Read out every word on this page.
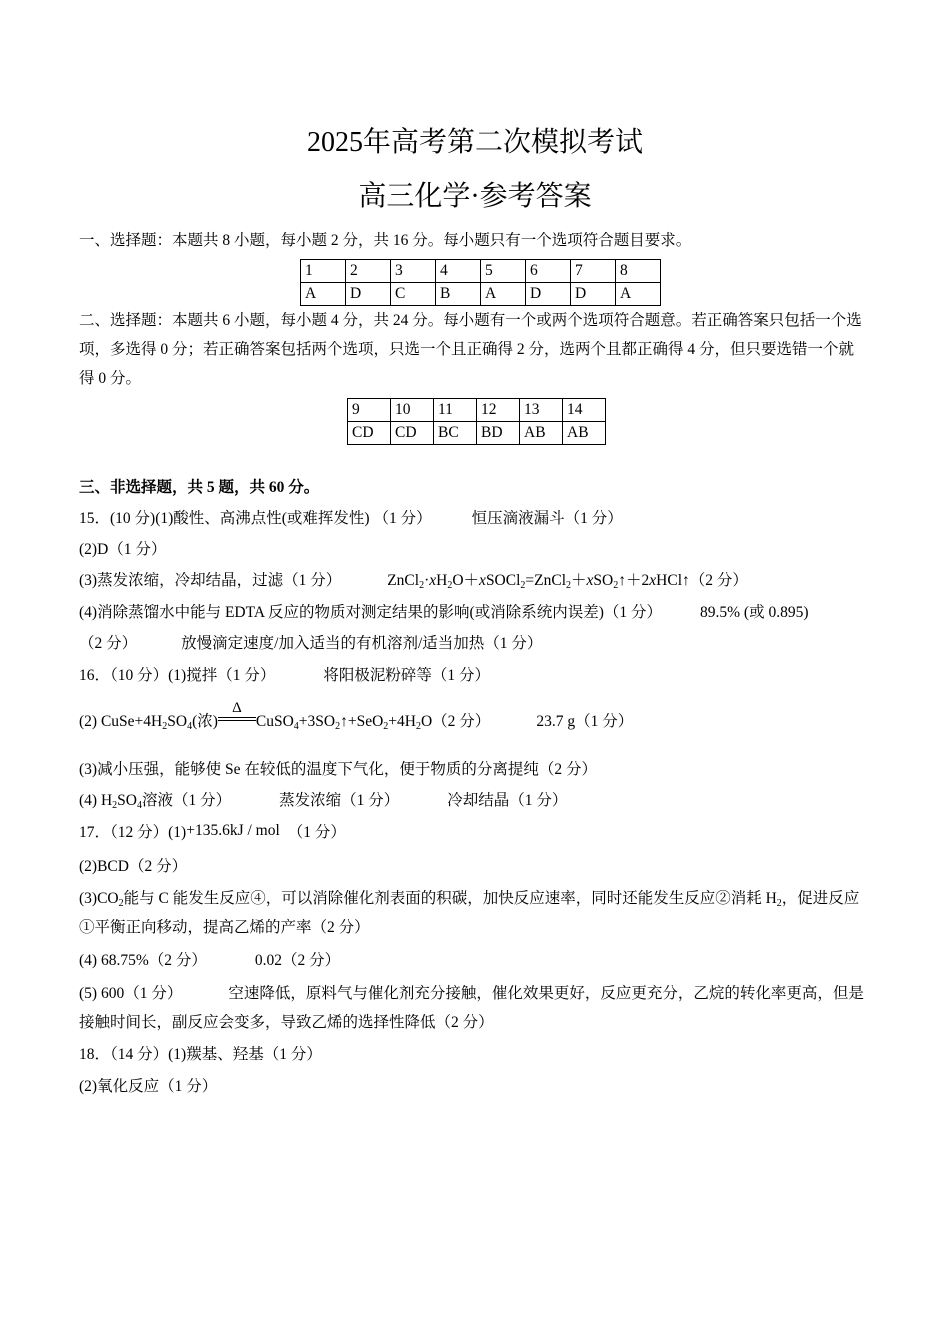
2025年高考第二次模拟考试
高三化学·参考答案
一、选择题：本题共 8 小题，每小题 2 分，共 16 分。每小题只有一个选项符合题目要求。
1	2	3	4	5	6	7	8
A	D	C	B	A	D	D	A
二、选择题：本题共 6 小题，每小题 4 分，共 24 分。每小题有一个或两个选项符合题意。若正确答案只包括一个选项，多选得 0 分；若正确答案包括两个选项，只选一个且正确得 2 分，选两个且都正确得 4 分，但只要选错一个就得 0 分。
9	10	11	12	13	14
CD	CD	BC	BD	AB	AB
三、非选择题，共 5 题，共 60 分。
15．(10 分)(1)酸性、高沸点性(或难挥发性) （1 分）	恒压滴液漏斗（1 分）
(2)D（1 分）
(3)蒸发浓缩，冷却结晶，过滤（1 分）	$ZnCl_2\cdot xH_2O+xSOCl_2=ZnCl_2+xSO_2↑+2xHCl↑(2$ 分）
(4)消除蒸馏水中能与 EDTA 反应的物质对测定结果的影响(或消除系统内误差)（1 分） 89.5% (或 0.895)
（2 分）	放慢滴定速度/加入适当的有机溶剂/适当加热（1 分）
16．（10 分）(1)搅拌（1 分）	将阳极泥粉碎等（1 分）
(2) $CuSe+4H_2SO_4$(浓)
Δ
$CuSO_4+3SO_2↑+SeO_2+4H_2O(2$ 分）	23.7 g（1 分）
(3)减小压强，能够使 Se 在较低的温度下气化，便于物质的分离提纯（2 分）
(4) $H_2SO_4$溶液（1 分）	蒸发浓缩（1 分）	冷却结晶（1 分）
17．（12 分）(1)+135.6kJ / mol （1 分）
(2)BCD（2 分）
$(3)CO_2$能与 C 能发生反应④，可以消除催化剂表面的积碳，加快反应速率，同时还能发生反应②消耗 $H_2$，促进反应①平衡正向移动，提高乙烯的产率（2 分）
(4) 68.75%（2 分）	0.02（2 分）
(5) 600（1 分）	空速降低，原料气与催化剂充分接触，催化效果更好，反应更充分，乙烷的转化率更高，但是接触时间长，副反应会变多，导致乙烯的选择性降低（2 分）
18．（14 分）(1)羰基、羟基（1 分）
(2)氧化反应（1 分）
